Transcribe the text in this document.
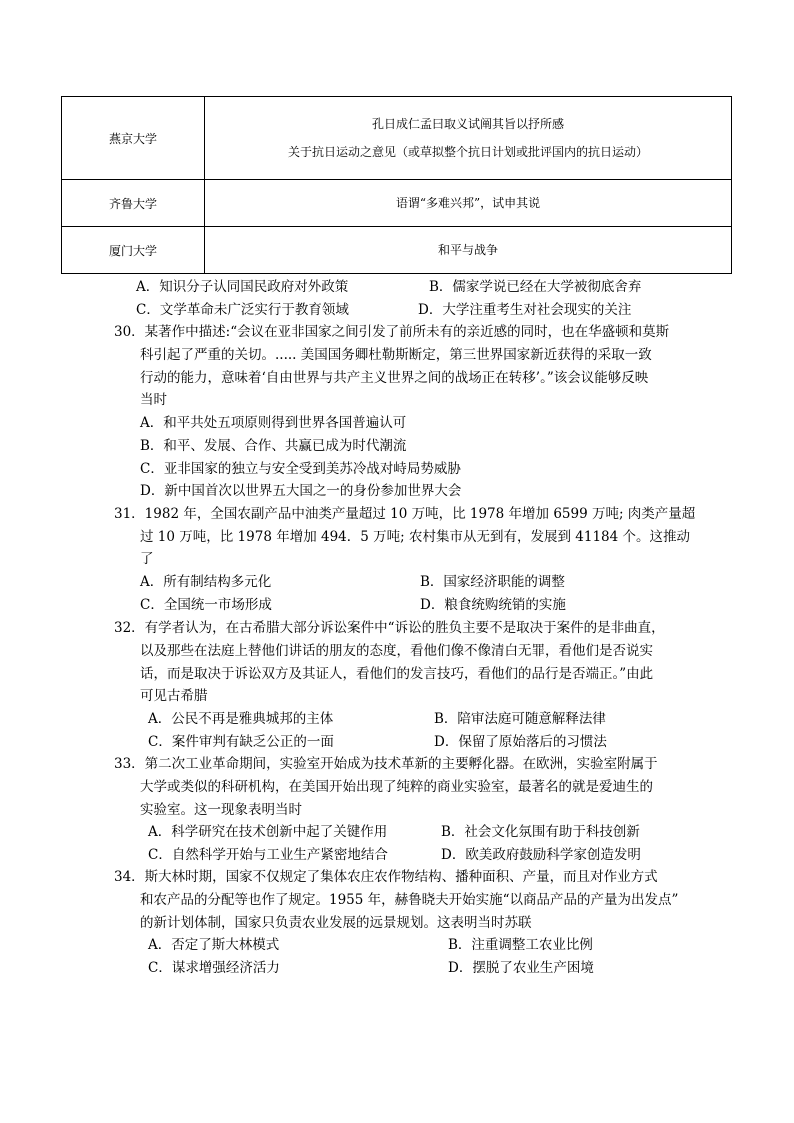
燕京大学	孔日成仁孟曰取义试阐其旨以抒所感
关于抗日运动之意见（或草拟整个抗日计划或批评国内的抗日运动）

齐鲁大学	语谓“多难兴邦”，试申其说

厦门大学	和平与战争
A．知识分子认同国民政府对外政策	B．儒家学说已经在大学被彻底舍弃
C．文学革命未广泛实行于教育领域	D．大学注重考生对社会现实的关注
30．某著作中描述:“会议在亚非国家之间引发了前所未有的亲近感的同时，也在华盛顿和莫斯
科引起了严重的关切。..... 美国国务卿杜勒斯断定，第三世界国家新近获得的采取一致
行动的能力，意味着‘自由世界与共产主义世界之间的战场正在转移’。”该会议能够反映
当时
A．和平共处五项原则得到世界各国普遍认可
B．和平、发展、合作、共赢已成为时代潮流
C．亚非国家的独立与安全受到美苏冷战对峙局势威胁
D．新中国首次以世界五大国之一的身份参加世界大会
31．1982 年，全国农副产品中油类产量超过 10 万吨，比 1978 年增加 6599 万吨; 肉类产量超
过 10 万吨，比 1978 年增加 494．5 万吨; 农村集市从无到有，发展到 41184 个。这推动
了
A．所有制结构多元化	B．国家经济职能的调整
C．全国统一市场形成	D．粮食统购统销的实施
32．有学者认为，在古希腊大部分诉讼案件中“诉讼的胜负主要不是取决于案件的是非曲直，
以及那些在法庭上替他们讲话的朋友的态度，看他们像不像清白无罪，看他们是否说实
话，而是取决于诉讼双方及其证人，看他们的发言技巧，看他们的品行是否端正。”由此
可见古希腊
A．公民不再是雅典城邦的主体	B．陪审法庭可随意解释法律
C．案件审判有缺乏公正的一面	D．保留了原始落后的习惯法
33．第二次工业革命期间，实验室开始成为技术革新的主要孵化器。在欧洲，实验室附属于
大学或类似的科研机构，在美国开始出现了纯粹的商业实验室，最著名的就是爱迪生的
实验室。这一现象表明当时
A．科学研究在技术创新中起了关键作用	B．社会文化氛围有助于科技创新
C．自然科学开始与工业生产紧密地结合	D．欧美政府鼓励科学家创造发明
34．斯大林时期，国家不仅规定了集体农庄农作物结构、播种面积、产量，而且对作业方式
和农产品的分配等也作了规定。1955 年，赫鲁晓夫开始实施“以商品产品的产量为出发点”
的新计划体制，国家只负责农业发展的远景规划。这表明当时苏联
A．否定了斯大林模式	B．注重调整工农业比例
C．谋求增强经济活力	D．摆脱了农业生产困境
